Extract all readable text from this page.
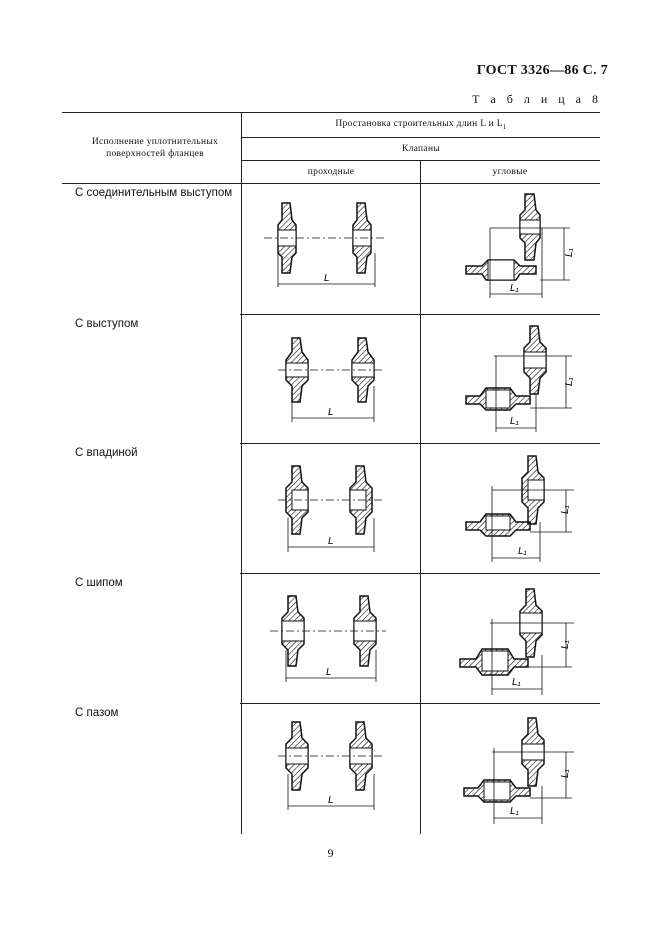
ГОСТ 3326—86 С. 7
Т а б л и ц а 8
Исполнение уплотнительных поверхностей фланцев
Простановка строительных длин L и $L_1$
Клапаны
проходные	угловые
С соединительным выступом
С выступом
С впадиной
С шипом
С пазом
L
L₁
L₁
L
L₁
L₁
L
L₁
L₁
L
L₁
L₁
L
L₁
L₁
9
